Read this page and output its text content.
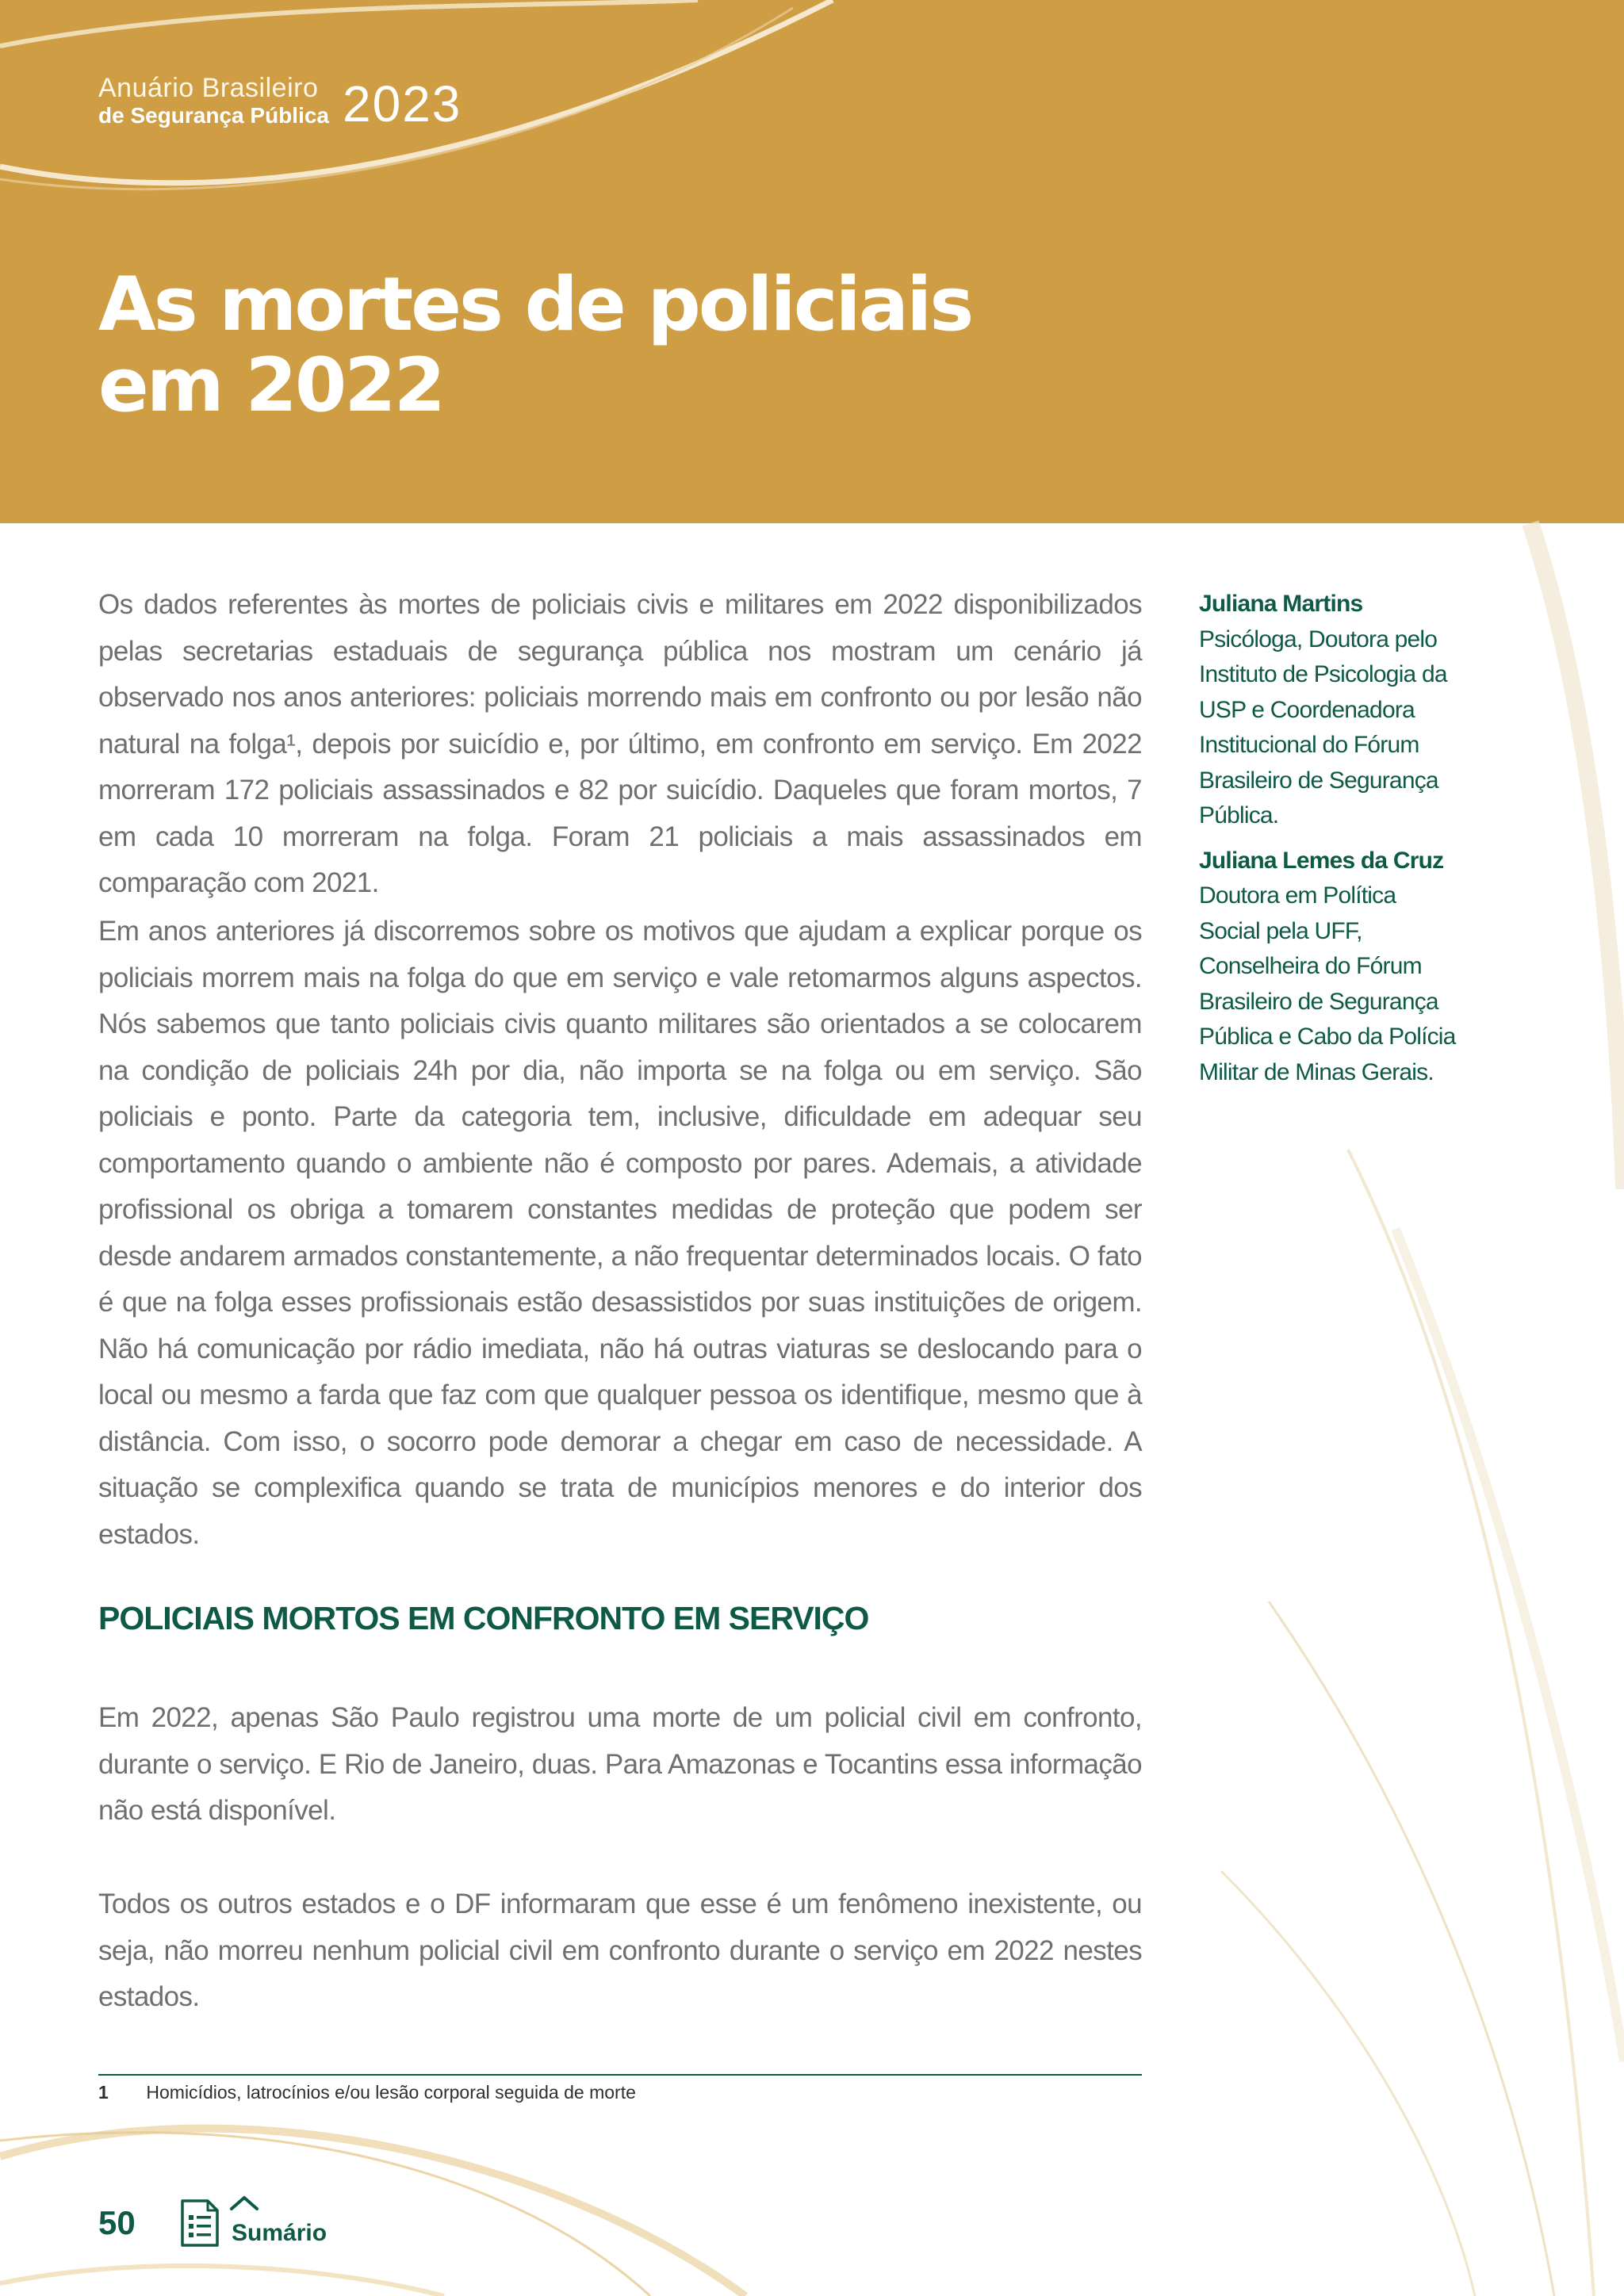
Anuário Brasileiro
de Segurança Pública 2023
As mortes de policiais
em 2022

Os dados referentes às mortes de policiais civis e militares em 2022 disponibilizados pelas secretarias estaduais de segurança pública nos mostram um cenário já observado nos anos anteriores: policiais morrendo mais em confronto ou por lesão não natural na folga¹, depois por suicídio e, por último, em confronto em serviço. Em 2022 morreram 172 policiais assassinados e 82 por suicídio. Daqueles que foram mortos, 7 em cada 10 morreram na folga. Foram 21 policiais a mais assassinados em comparação com 2021.

Em anos anteriores já discorremos sobre os motivos que ajudam a explicar porque os policiais morrem mais na folga do que em serviço e vale retomarmos alguns aspectos. Nós sabemos que tanto policiais civis quanto militares são orientados a se colocarem na condição de policiais 24h por dia, não importa se na folga ou em serviço. São policiais e ponto. Parte da categoria tem, inclusive, dificuldade em adequar seu comportamento quando o ambiente não é composto por pares. Ademais, a atividade profissional os obriga a tomarem constantes medidas de proteção que podem ser desde andarem armados constantemente, a não frequentar determinados locais. O fato é que na folga esses profissionais estão desassistidos por suas instituições de origem. Não há comunicação por rádio imediata, não há outras viaturas se deslocando para o local ou mesmo a farda que faz com que qualquer pessoa os identifique, mesmo que à distância. Com isso, o socorro pode demorar a chegar em caso de necessidade. A situação se complexifica quando se trata de municípios menores e do interior dos estados.

POLICIAIS MORTOS EM CONFRONTO EM SERVIÇO

Em 2022, apenas São Paulo registrou uma morte de um policial civil em confronto, durante o serviço. E Rio de Janeiro, duas. Para Amazonas e Tocantins essa informação não está disponível.

Todos os outros estados e o DF informaram que esse é um fenômeno inexistente, ou seja, não morreu nenhum policial civil em confronto durante o serviço em 2022 nestes estados.

Juliana Martins
Psicóloga, Doutora pelo Instituto de Psicologia da USP e Coordenadora Institucional do Fórum Brasileiro de Segurança Pública.
Juliana Lemes da Cruz
Doutora em Política Social pela UFF, Conselheira do Fórum Brasileiro de Segurança Pública e Cabo da Polícia Militar de Minas Gerais.
1 Homicídios, latrocínios e/ou lesão corporal seguida de morte
50	Sumário
